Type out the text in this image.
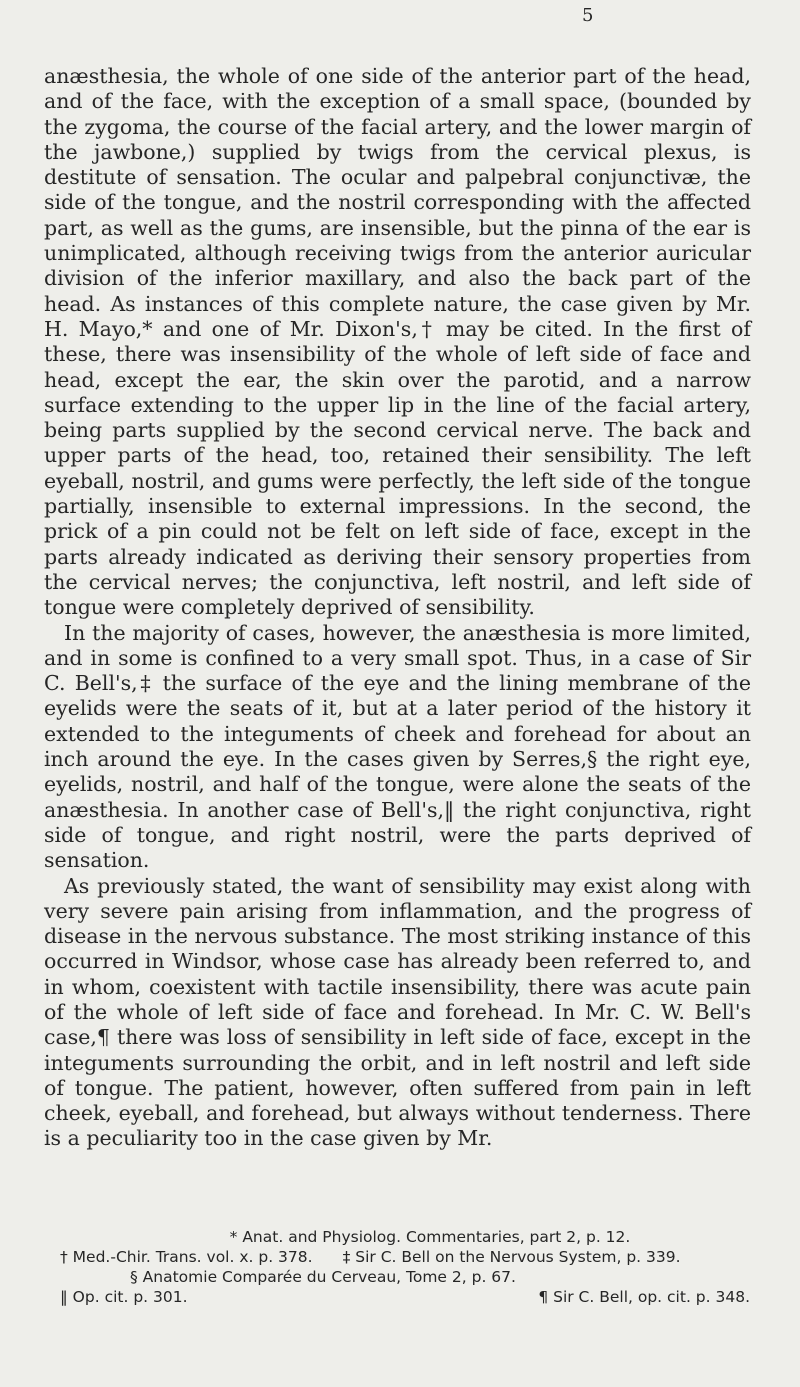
5

anæsthesia, the whole of one side of the anterior part of the head, and of the face, with the exception of a small space, (bounded by the zygoma, the course of the facial artery, and the lower margin of the jawbone,) supplied by twigs from the cervical plexus, is destitute of sensation. The ocular and palpebral conjunctivæ, the side of the tongue, and the nostril corresponding with the affected part, as well as the gums, are insensible, but the pinna of the ear is unimplicated, although receiving twigs from the anterior auricular division of the inferior maxillary, and also the back part of the head. As instances of this complete nature, the case given by Mr. H. Mayo,* and one of Mr. Dixon's,† may be cited. In the first of these, there was insensibility of the whole of left side of face and head, except the ear, the skin over the parotid, and a narrow surface extending to the upper lip in the line of the facial artery, being parts supplied by the second cervical nerve. The back and upper parts of the head, too, retained their sensibility. The left eyeball, nostril, and gums were perfectly, the left side of the tongue partially, insensible to external impressions. In the second, the prick of a pin could not be felt on left side of face, except in the parts already indicated as deriving their sensory properties from the cervical nerves; the conjunctiva, left nostril, and left side of tongue were completely deprived of sensibility.

In the majority of cases, however, the anæsthesia is more limited, and in some is confined to a very small spot. Thus, in a case of Sir C. Bell's,‡ the surface of the eye and the lining membrane of the eyelids were the seats of it, but at a later period of the history it extended to the integuments of cheek and forehead for about an inch around the eye. In the cases given by Serres,§ the right eye, eyelids, nostril, and half of the tongue, were alone the seats of the anæsthesia. In another case of Bell's,‖ the right conjunctiva, right side of tongue, and right nostril, were the parts deprived of sensation.

As previously stated, the want of sensibility may exist along with very severe pain arising from inflammation, and the progress of disease in the nervous substance. The most striking instance of this occurred in Windsor, whose case has already been referred to, and in whom, coexistent with tactile insensibility, there was acute pain of the whole of left side of face and forehead. In Mr. C. W. Bell's case,¶ there was loss of sensibility in left side of face, except in the integuments surrounding the orbit, and in left nostril and left side of tongue. The patient, however, often suffered from pain in left cheek, eyeball, and forehead, but always without tenderness. There is a peculiarity too in the case given by Mr.

* Anat. and Physiolog. Commentaries, part 2, p. 12.
† Med.-Chir. Trans. vol. x. p. 378. ‡ Sir C. Bell on the Nervous System, p. 339.
§ Anatomie Comparée du Cerveau, Tome 2, p. 67.
‖ Op. cit. p. 301.	¶ Sir C. Bell, op. cit. p. 348.
